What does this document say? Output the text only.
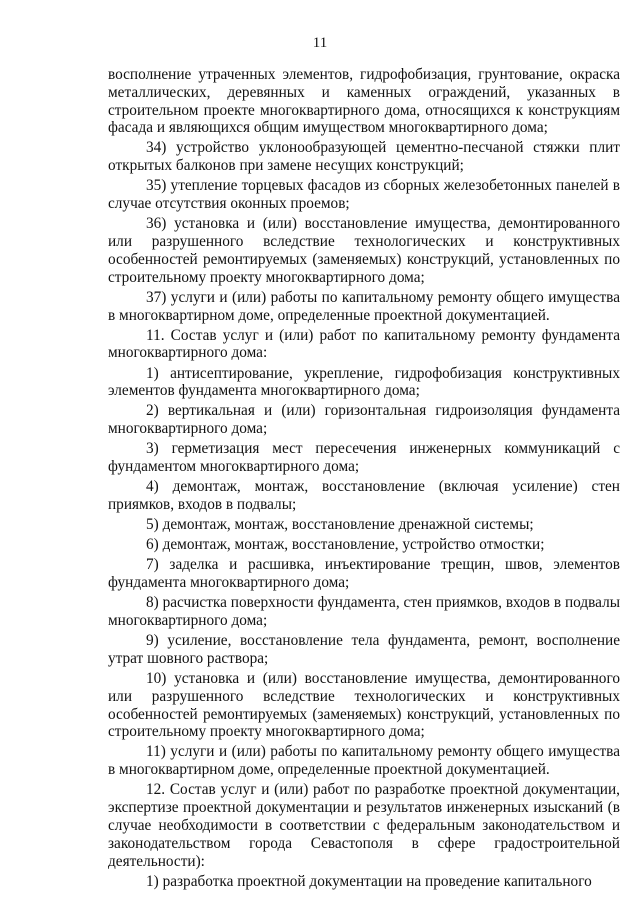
11

восполнение утраченных элементов, гидрофобизация, грунтование, окраска металлических, деревянных и каменных ограждений, указанных в строительном проекте многоквартирного дома, относящихся к конструкциям фасада и являющихся общим имуществом многоквартирного дома;

34) устройство уклонообразующей цементно-песчаной стяжки плит открытых балконов при замене несущих конструкций;

35) утепление торцевых фасадов из сборных железобетонных панелей в случае отсутствия оконных проемов;

36) установка и (или) восстановление имущества, демонтированного или разрушенного вследствие технологических и конструктивных особенностей ремонтируемых (заменяемых) конструкций, установленных по строительному проекту многоквартирного дома;

37) услуги и (или) работы по капитальному ремонту общего имущества в многоквартирном доме, определенные проектной документацией.

11. Состав услуг и (или) работ по капитальному ремонту фундамента многоквартирного дома:

1) антисептирование, укрепление, гидрофобизация конструктивных элементов фундамента многоквартирного дома;

2) вертикальная и (или) горизонтальная гидроизоляция фундамента многоквартирного дома;

3) герметизация мест пересечения инженерных коммуникаций с фундаментом многоквартирного дома;

4) демонтаж, монтаж, восстановление (включая усиление) стен приямков, входов в подвалы;

5) демонтаж, монтаж, восстановление дренажной системы;

6) демонтаж, монтаж, восстановление, устройство отмостки;

7) заделка и расшивка, инъектирование трещин, швов, элементов фундамента многоквартирного дома;

8) расчистка поверхности фундамента, стен приямков, входов в подвалы многоквартирного дома;

9) усиление, восстановление тела фундамента, ремонт, восполнение утрат шовного раствора;

10) установка и (или) восстановление имущества, демонтированного или разрушенного вследствие технологических и конструктивных особенностей ремонтируемых (заменяемых) конструкций, установленных по строительному проекту многоквартирного дома;

11) услуги и (или) работы по капитальному ремонту общего имущества в многоквартирном доме, определенные проектной документацией.

12. Состав услуг и (или) работ по разработке проектной документации, экспертизе проектной документации и результатов инженерных изысканий (в случае необходимости в соответствии с федеральным законодательством и законодательством города Севастополя в сфере градостроительной деятельности):

1) разработка проектной документации на проведение капитального
